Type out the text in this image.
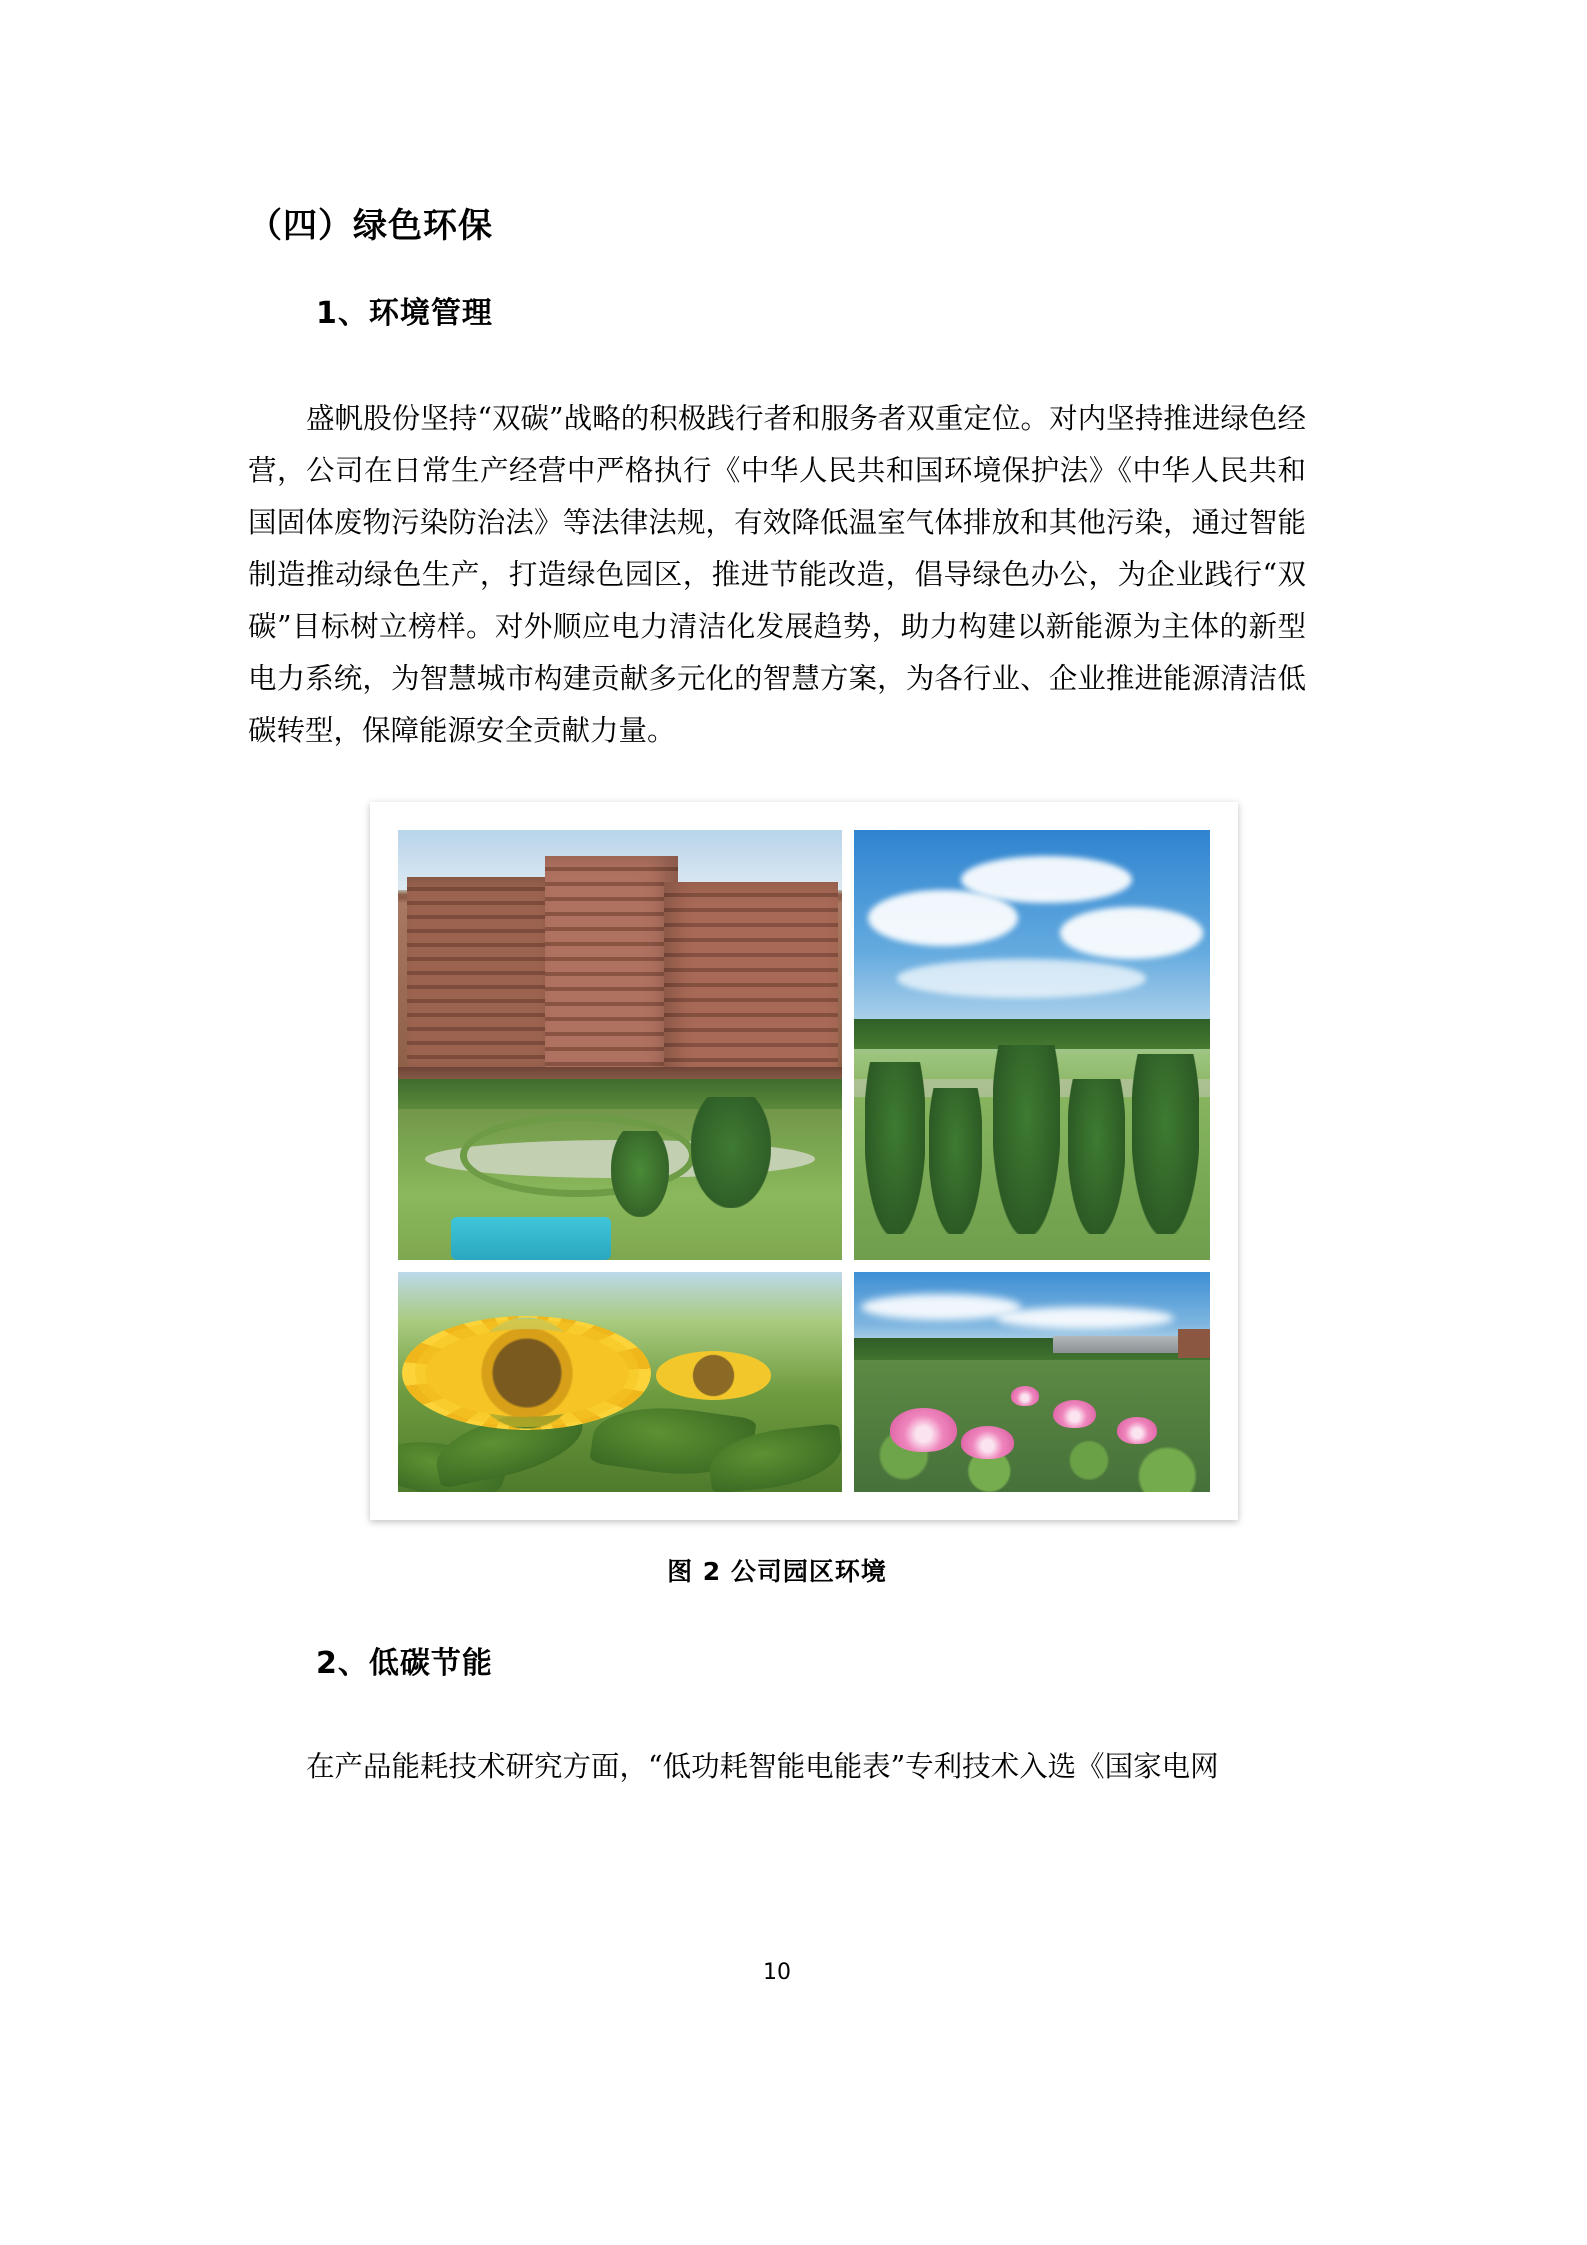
（四）绿色环保
1、环境管理

盛帆股份坚持“双碳”战略的积极践行者和服务者双重定位。对内坚持推进绿色经营，公司在日常生产经营中严格执行《中华人民共和国环境保护法》《中华人民共和国固体废物污染防治法》等法律法规，有效降低温室气体排放和其他污染，通过智能制造推动绿色生产，打造绿色园区，推进节能改造，倡导绿色办公，为企业践行“双碳”目标树立榜样。对外顺应电力清洁化发展趋势，助力构建以新能源为主体的新型电力系统，为智慧城市构建贡献多元化的智慧方案，为各行业、企业推进能源清洁低碳转型，保障能源安全贡献力量。

图 2 公司园区环境
2、低碳节能

在产品能耗技术研究方面，“低功耗智能电能表”专利技术入选《国家电网

10
